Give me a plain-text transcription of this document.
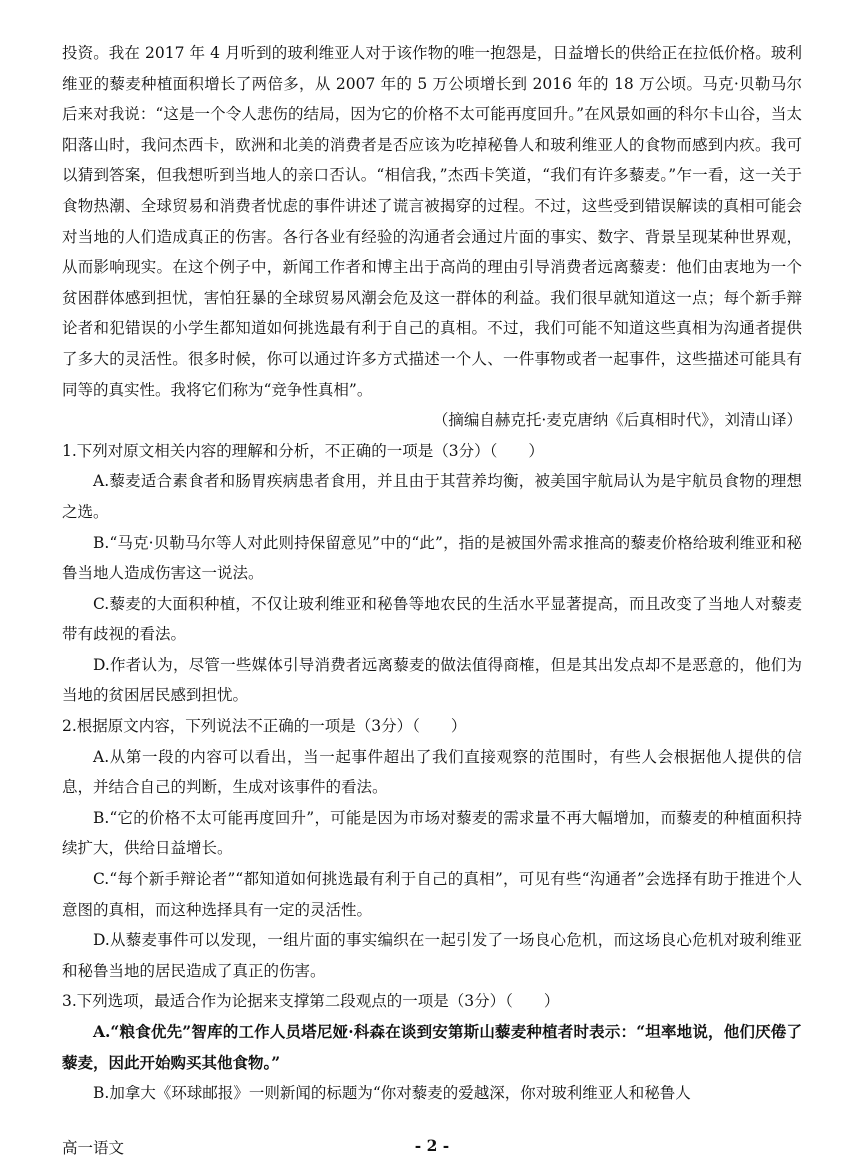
投资。我在 2017 年 4 月听到的玻利维亚人对于该作物的唯一抱怨是，日益增长的供给正在拉低价格。玻利维亚的藜麦种植面积增长了两倍多，从 2007 年的 5 万公顷增长到 2016 年的 18 万公顷。马克·贝勒马尔后来对我说：“这是一个令人悲伤的结局，因为它的价格不太可能再度回升。”在风景如画的科尔卡山谷，当太阳落山时，我问杰西卡，欧洲和北美的消费者是否应该为吃掉秘鲁人和玻利维亚人的食物而感到内疚。我可以猜到答案，但我想听到当地人的亲口否认。“相信我，”杰西卡笑道，“我们有许多藜麦。”乍一看，这一关于食物热潮、全球贸易和消费者忧虑的事件讲述了谎言被揭穿的过程。不过，这些受到错误解读的真相可能会对当地的人们造成真正的伤害。各行各业有经验的沟通者会通过片面的事实、数字、背景呈现某种世界观，从而影响现实。在这个例子中，新闻工作者和博主出于高尚的理由引导消费者远离藜麦：他们由衷地为一个贫困群体感到担忧，害怕狂暴的全球贸易风潮会危及这一群体的利益。我们很早就知道这一点；每个新手辩论者和犯错误的小学生都知道如何挑选最有利于自己的真相。不过，我们可能不知道这些真相为沟通者提供了多大的灵活性。很多时候，你可以通过许多方式描述一个人、一件事物或者一起事件，这些描述可能具有同等的真实性。我将它们称为“竞争性真相”。

（摘编自赫克托·麦克唐纳《后真相时代》，刘清山译）

1.下列对原文相关内容的理解和分析，不正确的一项是（3分）（　　）

A.藜麦适合素食者和肠胃疾病患者食用，并且由于其营养均衡，被美国宇航局认为是宇航员食物的理想之选。

B.“马克·贝勒马尔等人对此则持保留意见”中的“此”，指的是被国外需求推高的藜麦价格给玻利维亚和秘鲁当地人造成伤害这一说法。

C.藜麦的大面积种植，不仅让玻利维亚和秘鲁等地农民的生活水平显著提高，而且改变了当地人对藜麦带有歧视的看法。

D.作者认为，尽管一些媒体引导消费者远离藜麦的做法值得商榷，但是其出发点却不是恶意的，他们为当地的贫困居民感到担忧。

2.根据原文内容，下列说法不正确的一项是（3分）（　　）

A.从第一段的内容可以看出，当一起事件超出了我们直接观察的范围时，有些人会根据他人提供的信息，并结合自己的判断，生成对该事件的看法。

B.“它的价格不太可能再度回升”，可能是因为市场对藜麦的需求量不再大幅增加，而藜麦的种植面积持续扩大，供给日益增长。

C.“每个新手辩论者”“都知道如何挑选最有利于自己的真相”，可见有些“沟通者”会选择有助于推进个人意图的真相，而这种选择具有一定的灵活性。

D.从藜麦事件可以发现，一组片面的事实编织在一起引发了一场良心危机，而这场良心危机对玻利维亚和秘鲁当地的居民造成了真正的伤害。

3.下列选项，最适合作为论据来支撑第二段观点的一项是（3分）（　　）

A.“粮食优先”智库的工作人员塔尼娅·科森在谈到安第斯山藜麦种植者时表示：“坦率地说，他们厌倦了藜麦，因此开始购买其他食物。”

B.加拿大《环球邮报》一则新闻的标题为“你对藜麦的爱越深，你对玻利维亚人和秘鲁人

高一语文	- 2 -
